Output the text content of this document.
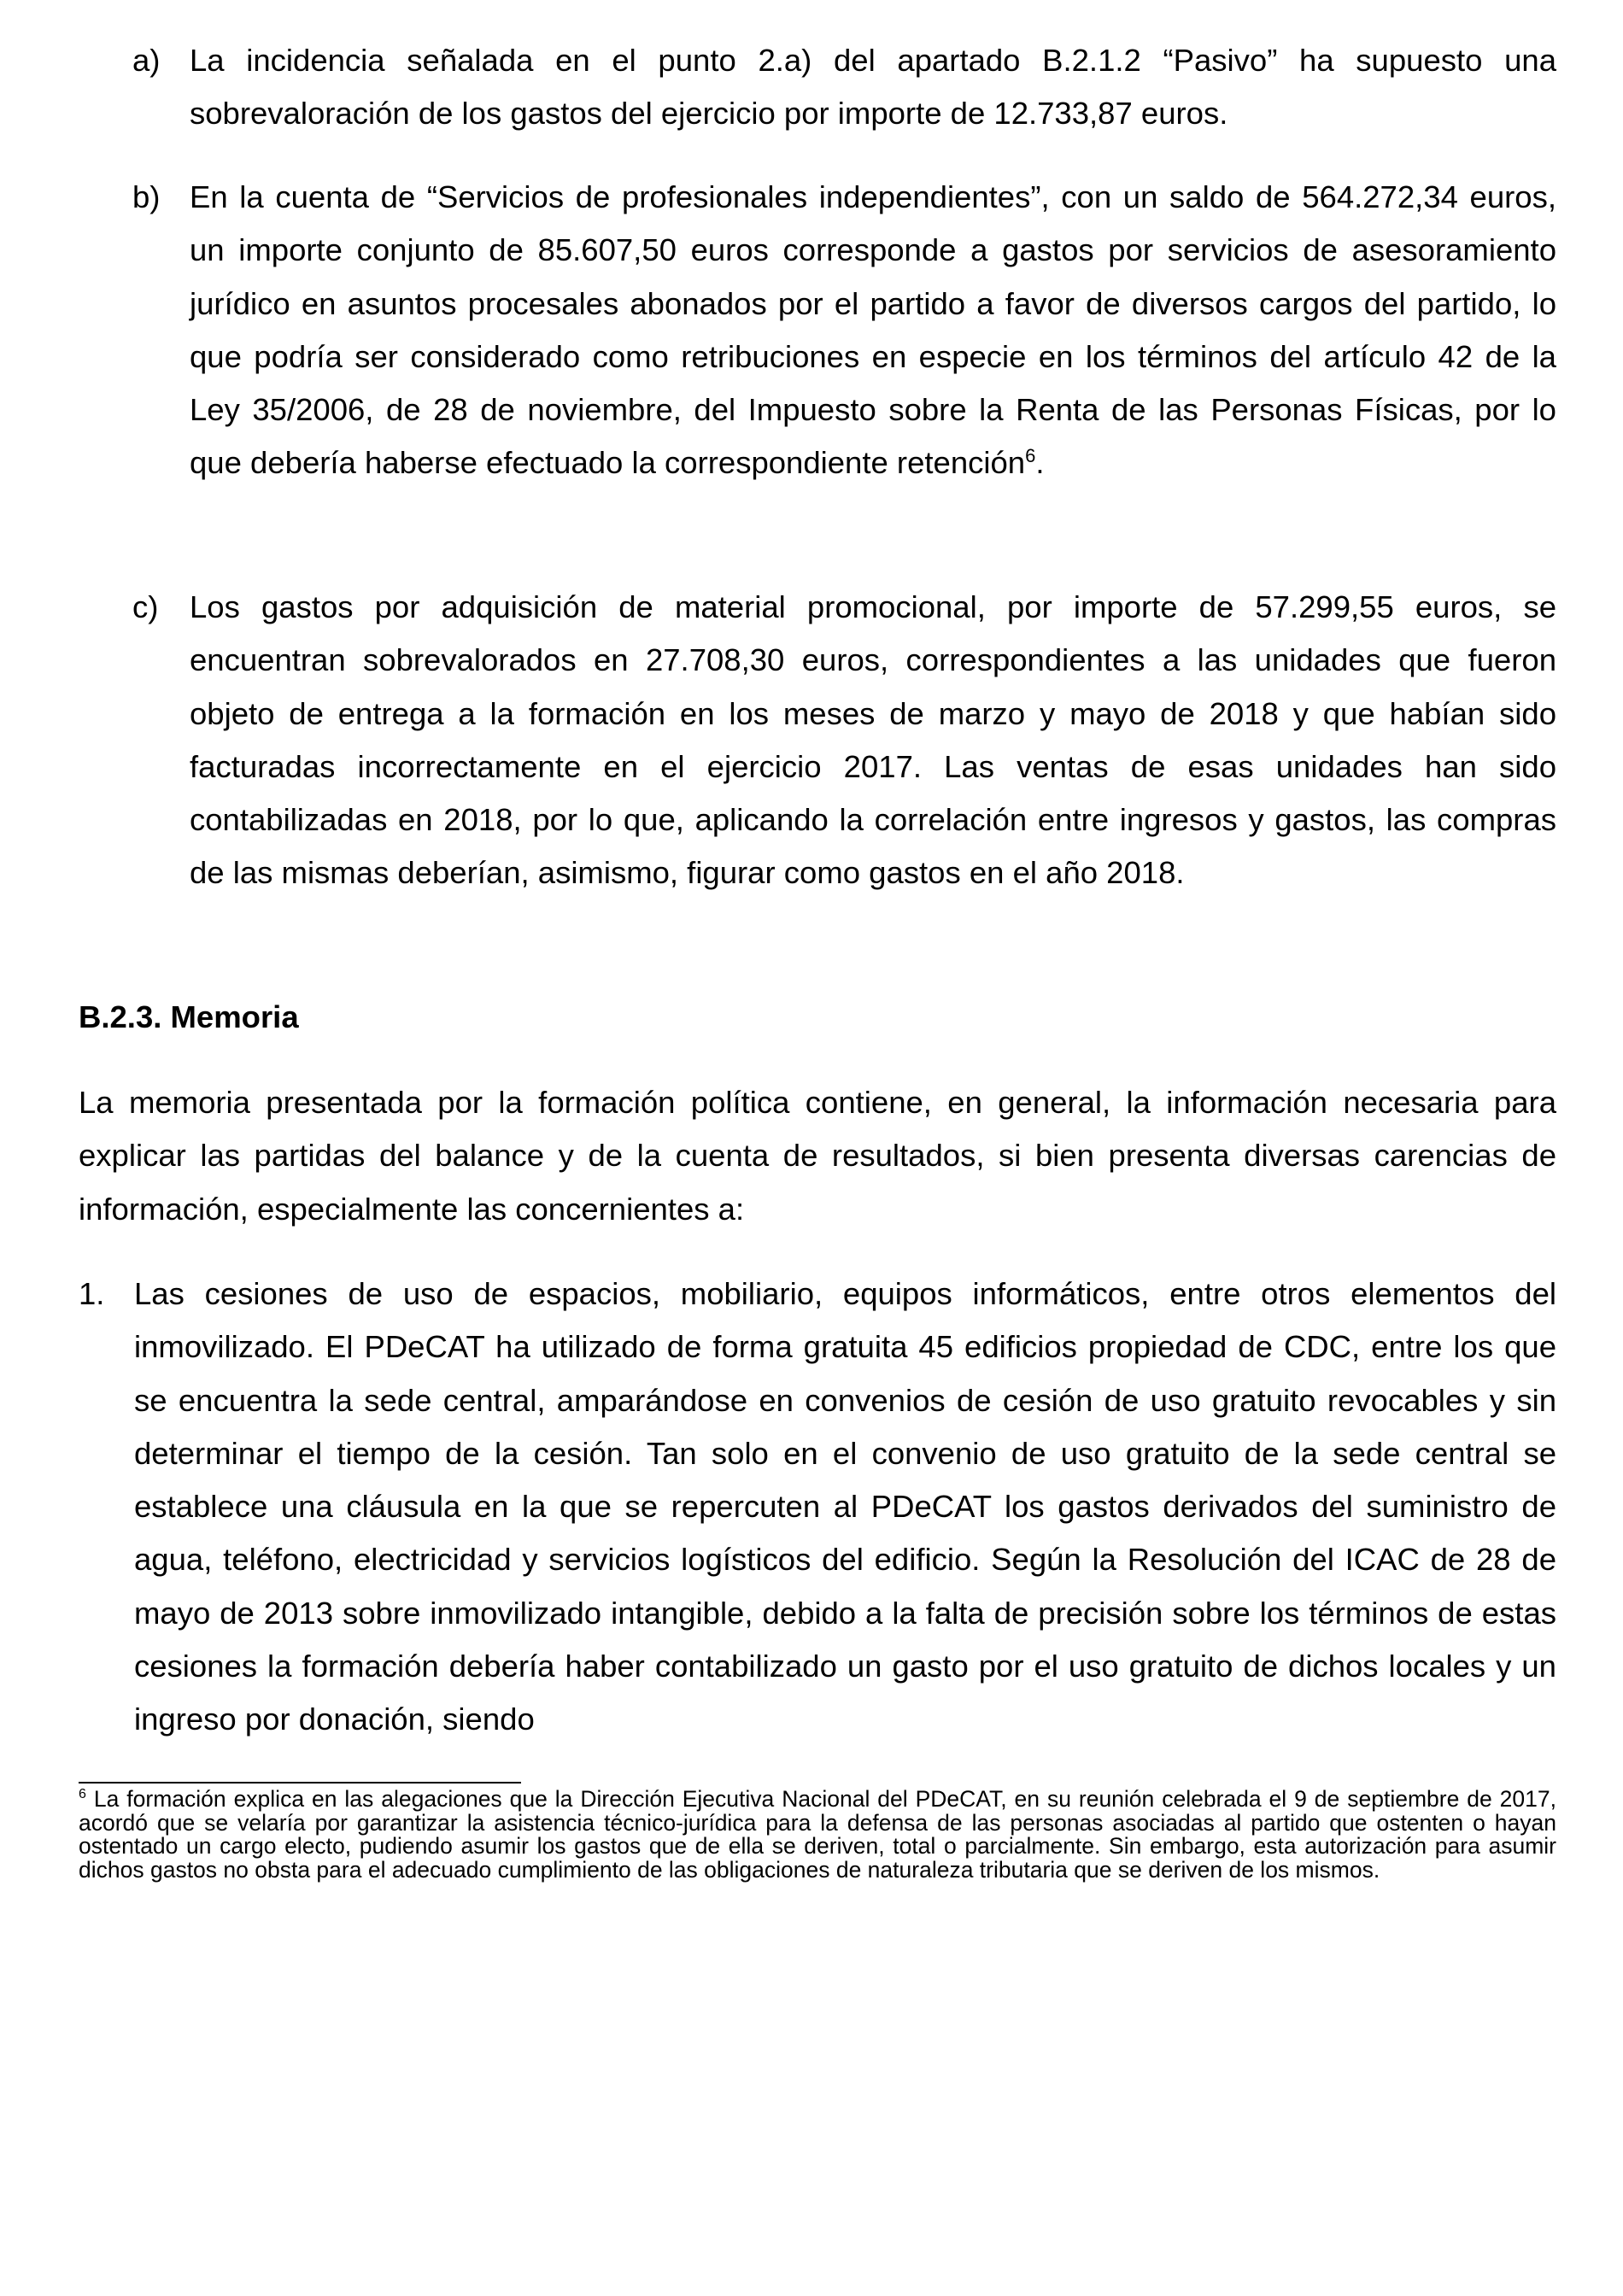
a) La incidencia señalada en el punto 2.a) del apartado B.2.1.2 “Pasivo” ha supuesto una sobrevaloración de los gastos del ejercicio por importe de 12.733,87 euros.
b) En la cuenta de “Servicios de profesionales independientes”, con un saldo de 564.272,34 euros, un importe conjunto de 85.607,50 euros corresponde a gastos por servicios de asesoramiento jurídico en asuntos procesales abonados por el partido a favor de diversos cargos del partido, lo que podría ser considerado como retribuciones en especie en los términos del artículo 42 de la Ley 35/2006, de 28 de noviembre, del Impuesto sobre la Renta de las Personas Físicas, por lo que debería haberse efectuado la correspondiente retención$^6$.
c) Los gastos por adquisición de material promocional, por importe de 57.299,55 euros, se encuentran sobrevalorados en 27.708,30 euros, correspondientes a las unidades que fueron objeto de entrega a la formación en los meses de marzo y mayo de 2018 y que habían sido facturadas incorrectamente en el ejercicio 2017. Las ventas de esas unidades han sido contabilizadas en 2018, por lo que, aplicando la correlación entre ingresos y gastos, las compras de las mismas deberían, asimismo, figurar como gastos en el año 2018.
B.2.3. Memoria
La memoria presentada por la formación política contiene, en general, la información necesaria para explicar las partidas del balance y de la cuenta de resultados, si bien presenta diversas carencias de información, especialmente las concernientes a:
1. Las cesiones de uso de espacios, mobiliario, equipos informáticos, entre otros elementos del inmovilizado. El PDeCAT ha utilizado de forma gratuita 45 edificios propiedad de CDC, entre los que se encuentra la sede central, amparándose en convenios de cesión de uso gratuito revocables y sin determinar el tiempo de la cesión. Tan solo en el convenio de uso gratuito de la sede central se establece una cláusula en la que se repercuten al PDeCAT los gastos derivados del suministro de agua, teléfono, electricidad y servicios logísticos del edificio. Según la Resolución del ICAC de 28 de mayo de 2013 sobre inmovilizado intangible, debido a la falta de precisión sobre los términos de estas cesiones la formación debería haber contabilizado un gasto por el uso gratuito de dichos locales y un ingreso por donación, siendo
$^6$ La formación explica en las alegaciones que la Dirección Ejecutiva Nacional del PDeCAT, en su reunión celebrada el 9 de septiembre de 2017, acordó que se velaría por garantizar la asistencia técnico-jurídica para la defensa de las personas asociadas al partido que ostenten o hayan ostentado un cargo electo, pudiendo asumir los gastos que de ella se deriven, total o parcialmente. Sin embargo, esta autorización para asumir dichos gastos no obsta para el adecuado cumplimiento de las obligaciones de naturaleza tributaria que se deriven de los mismos.
